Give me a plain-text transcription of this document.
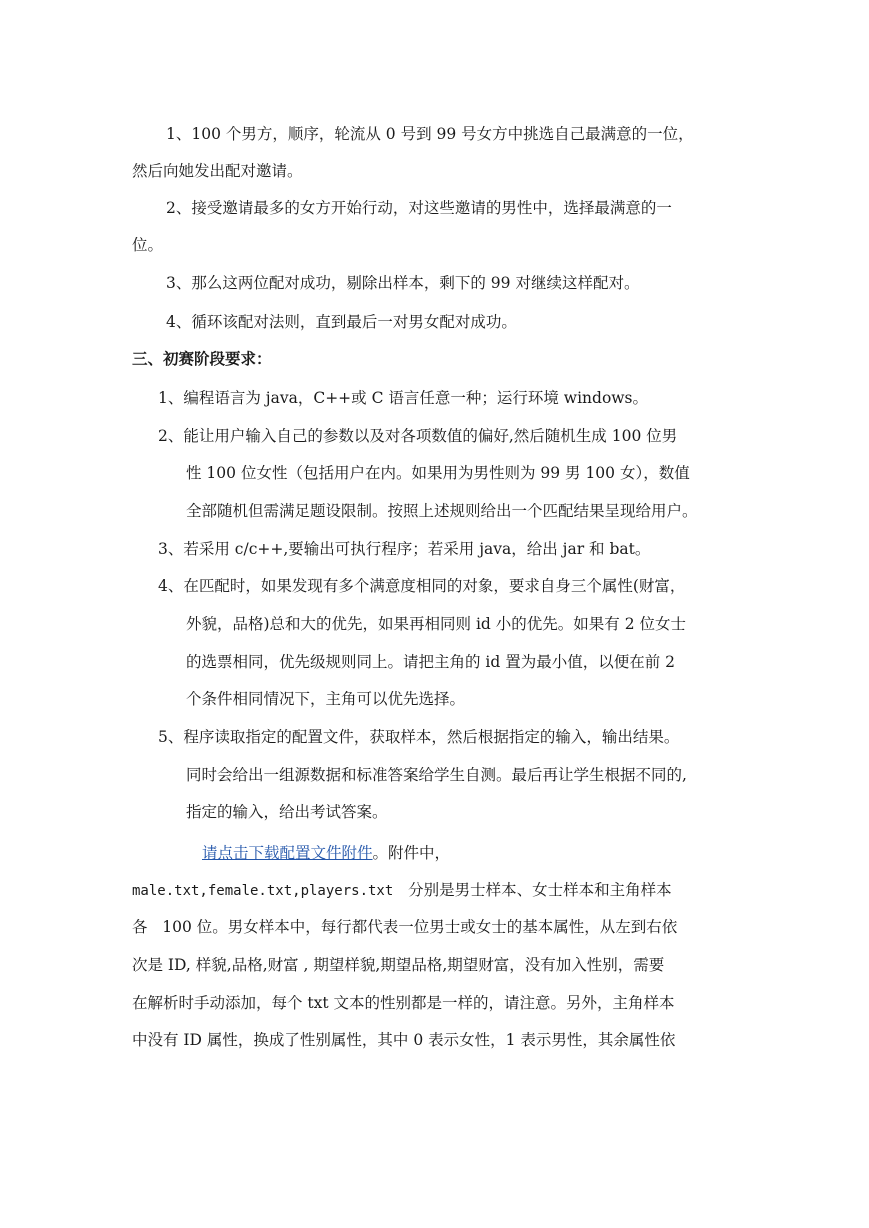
1、100 个男方，顺序，轮流从 0 号到 99 号女方中挑选自己最满意的一位，
然后向她发出配对邀请。
2、接受邀请最多的女方开始行动，对这些邀请的男性中，选择最满意的一
位。
3、那么这两位配对成功，剔除出样本，剩下的 99 对继续这样配对。
4、循环该配对法则，直到最后一对男女配对成功。
三、初赛阶段要求：
1、编程语言为 java，C++或 C 语言任意一种；运行环境 windows。
2、能让用户输入自己的参数以及对各项数值的偏好,然后随机生成 100 位男
性 100 位女性（包括用户在内。如果用为男性则为 99 男 100 女），数值
全部随机但需满足题设限制。按照上述规则给出一个匹配结果呈现给用户。
3、若采用 c/c++,要输出可执行程序；若采用 java，给出 jar 和 bat。
4、在匹配时，如果发现有多个满意度相同的对象，要求自身三个属性(财富，
外貌，品格)总和大的优先，如果再相同则 id 小的优先。如果有 2 位女士
的选票相同，优先级规则同上。请把主角的 id 置为最小值，以便在前 2
个条件相同情况下，主角可以优先选择。
5、程序读取指定的配置文件，获取样本，然后根据指定的输入，输出结果。
同时会给出一组源数据和标准答案给学生自测。最后再让学生根据不同的,
指定的输入，给出考试答案。
请点击下载配置文件附件。附件中，
male.txt,female.txt,players.txt   分别是男士样本、女士样本和主角样本
各   100 位。男女样本中，每行都代表一位男士或女士的基本属性，从左到右依
次是 ID, 样貌,品格,财富 , 期望样貌,期望品格,期望财富，没有加入性别，需要
在解析时手动添加，每个 txt 文本的性别都是一样的，请注意。另外，主角样本
中没有 ID 属性，换成了性别属性，其中 0 表示女性，1 表示男性，其余属性依
